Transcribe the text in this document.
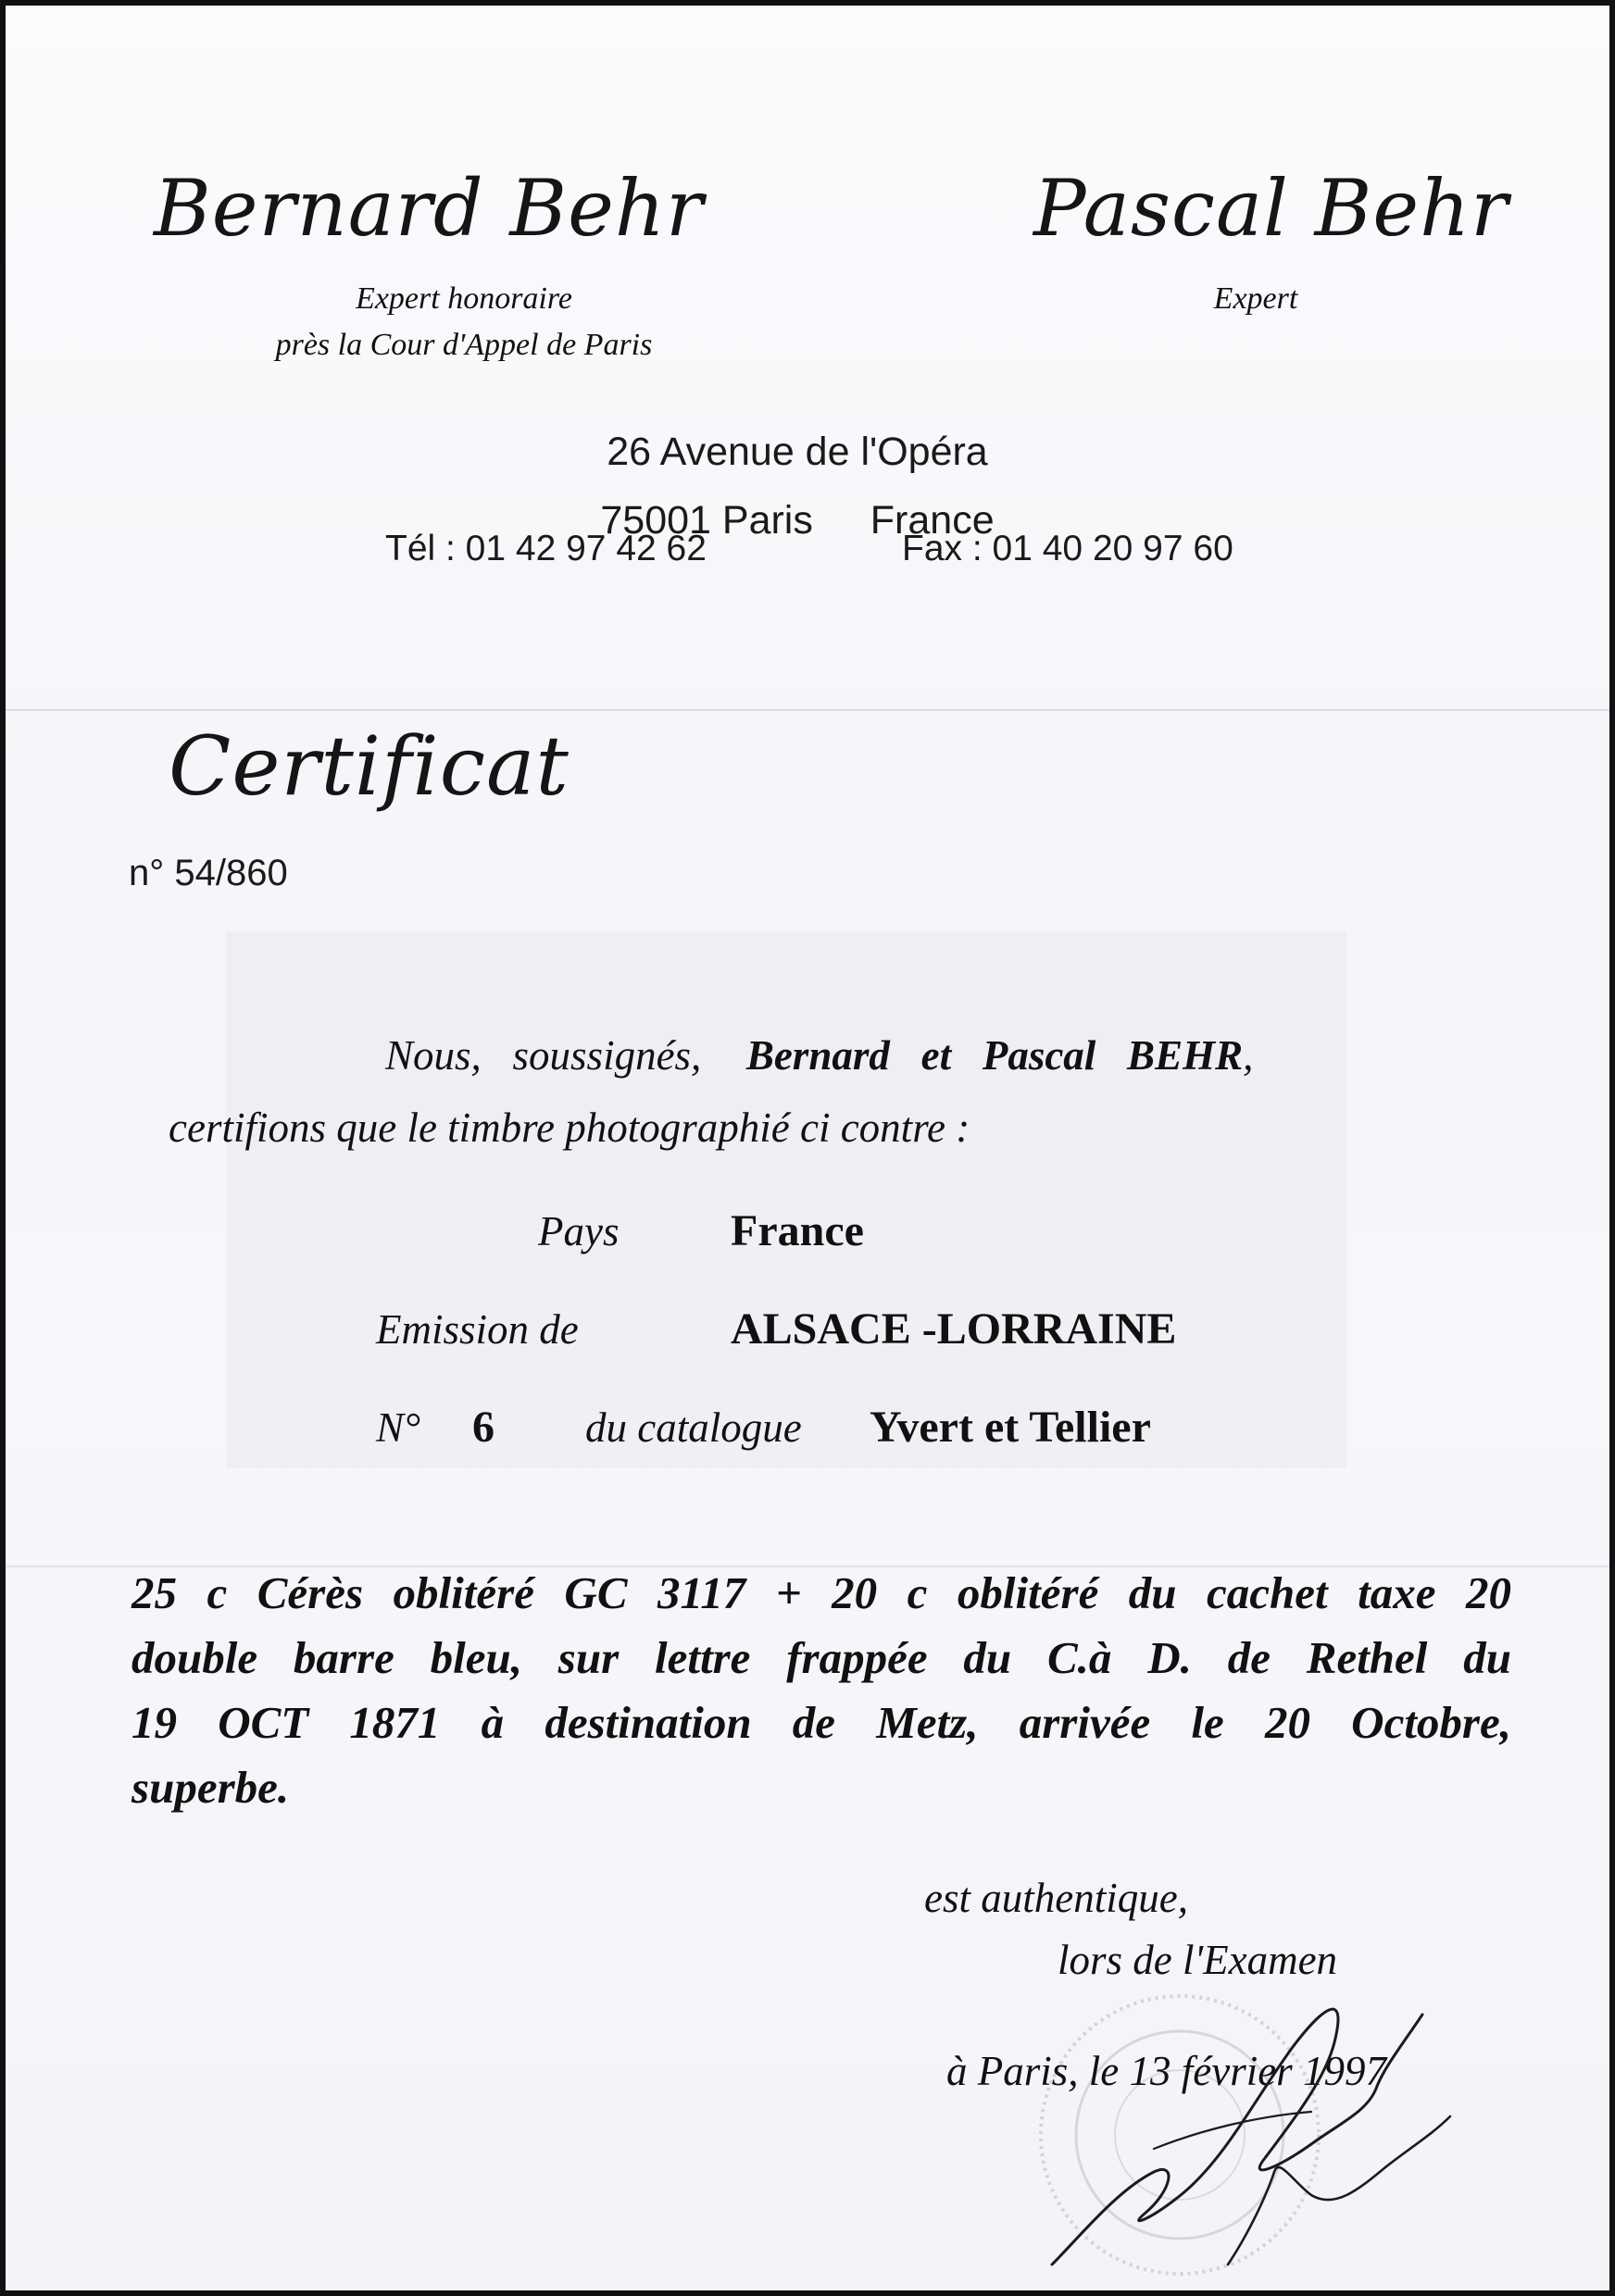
Bernard Behr	Pascal Behr
Expert honoraire
près la Cour d'Appel de Paris
Expert
26 Avenue de l'Opéra
75001 Paris France
Tél : 01 42 97 42 62	Fax : 01 40 20 97 60
Certificat
n° 54/860
Nous,   soussignés, Bernard   et   Pascal   BEHR,
certifions que le timbre photographié ci contre :
Pays	France
Emission de	ALSACE -LORRAINE
N° 6 du catalogue Yvert et Tellier
25 c Cérès oblitéré GC 3117 + 20 c oblitéré du cachet taxe 20
double barre bleu, sur lettre frappée du C.à D. de Rethel du
19 OCT 1871 à destination de Metz, arrivée le 20 Octobre,
superbe.
est authentique,
lors de l'Examen
à Paris, le 13 février 1997
